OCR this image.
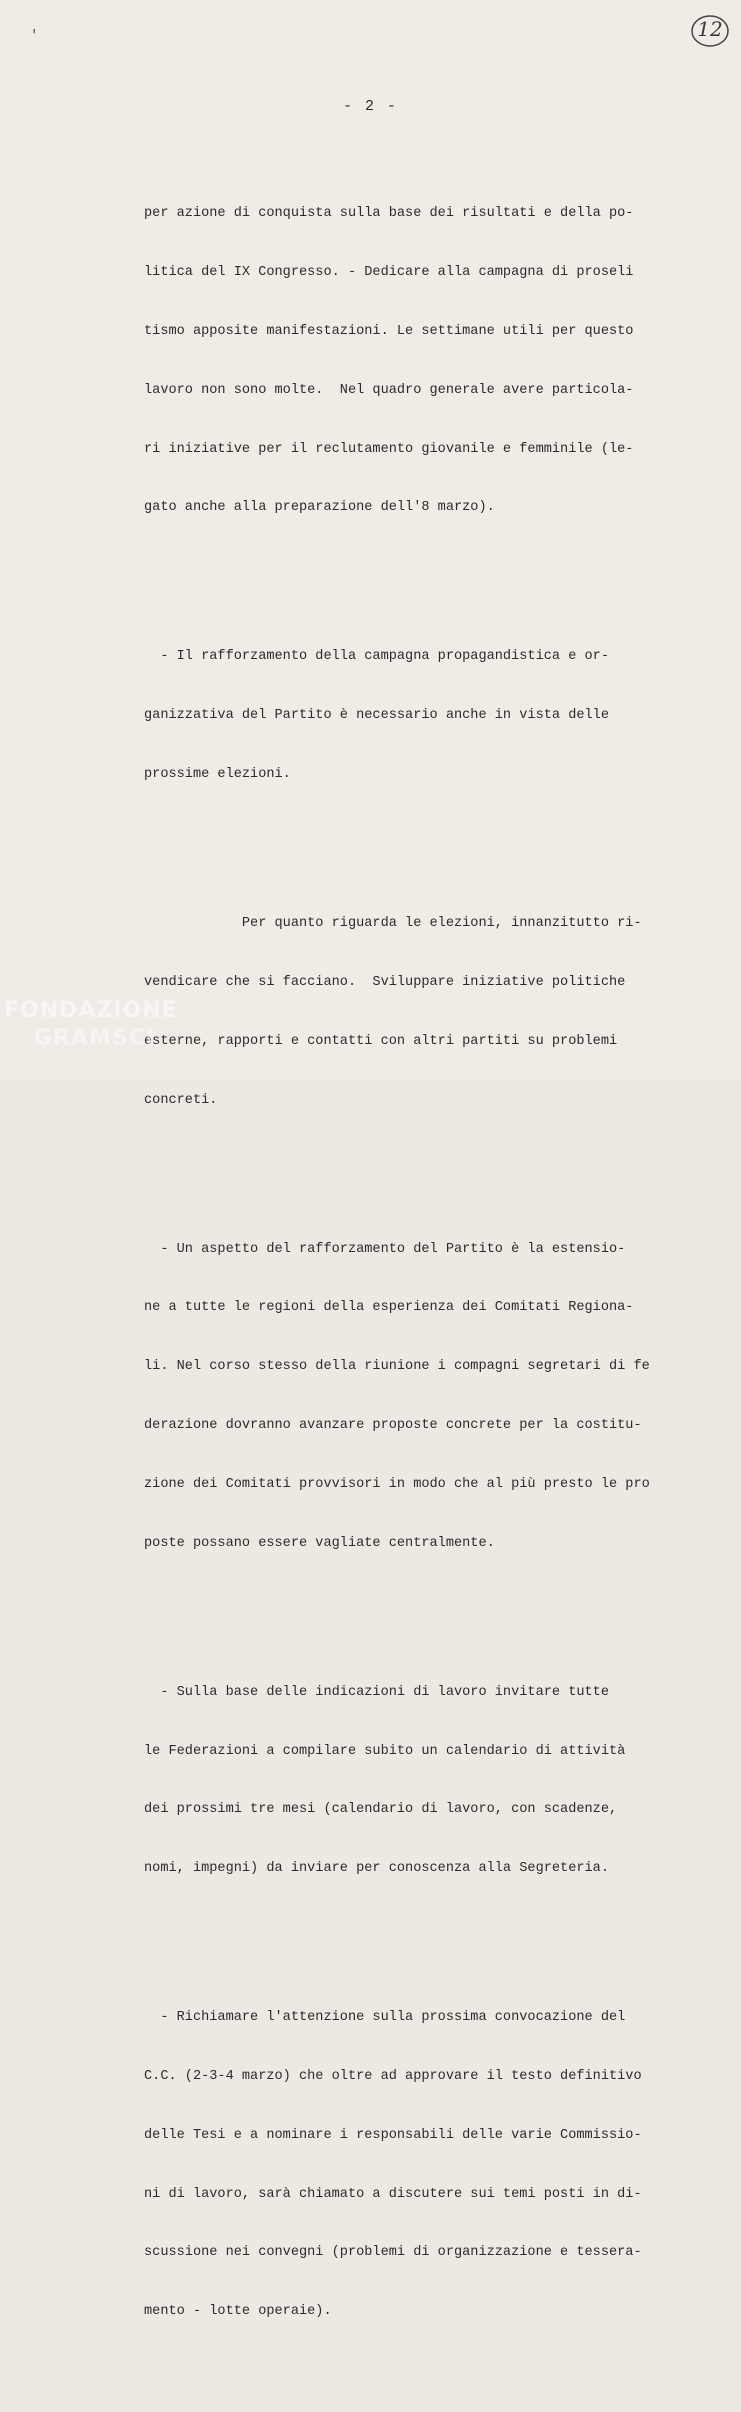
'	12
- 2 -

per azione di conquista sulla base dei risultati e della po-

litica del IX Congresso. - Dedicare alla campagna di proseli

tismo apposite manifestazioni. Le settimane utili per questo

lavoro non sono molte.  Nel quadro generale avere particola-

ri iniziative per il reclutamento giovanile e femminile (le-

gato anche alla preparazione dell'8 marzo).

- Il rafforzamento della campagna propagandistica e or-

ganizzativa del Partito è necessario anche in vista delle

prossime elezioni.

Per quanto riguarda le elezioni, innanzitutto ri-

vendicare che si facciano.  Sviluppare iniziative politiche

esterne, rapporti e contatti con altri partiti su problemi

concreti.

- Un aspetto del rafforzamento del Partito è la estensio-

ne a tutte le regioni della esperienza dei Comitati Regiona-

li. Nel corso stesso della riunione i compagni segretari di fe

derazione dovranno avanzare proposte concrete per la costitu-

zione dei Comitati provvisori in modo che al più presto le pro

poste possano essere vagliate centralmente.

- Sulla base delle indicazioni di lavoro invitare tutte

le Federazioni a compilare subito un calendario di attività

dei prossimi tre mesi (calendario di lavoro, con scadenze,

nomi, impegni) da inviare per conoscenza alla Segreteria.

- Richiamare l'attenzione sulla prossima convocazione del

C.C. (2-3-4 marzo) che oltre ad approvare il testo definitivo

delle Tesi e a nominare i responsabili delle varie Commissio-

ni di lavoro, sarà chiamato a discutere sui temi posti in di-

scussione nei convegni (problemi di organizzazione e tessera-

mento - lotte operaie).

FONDAZIONE
GRAMSCI
